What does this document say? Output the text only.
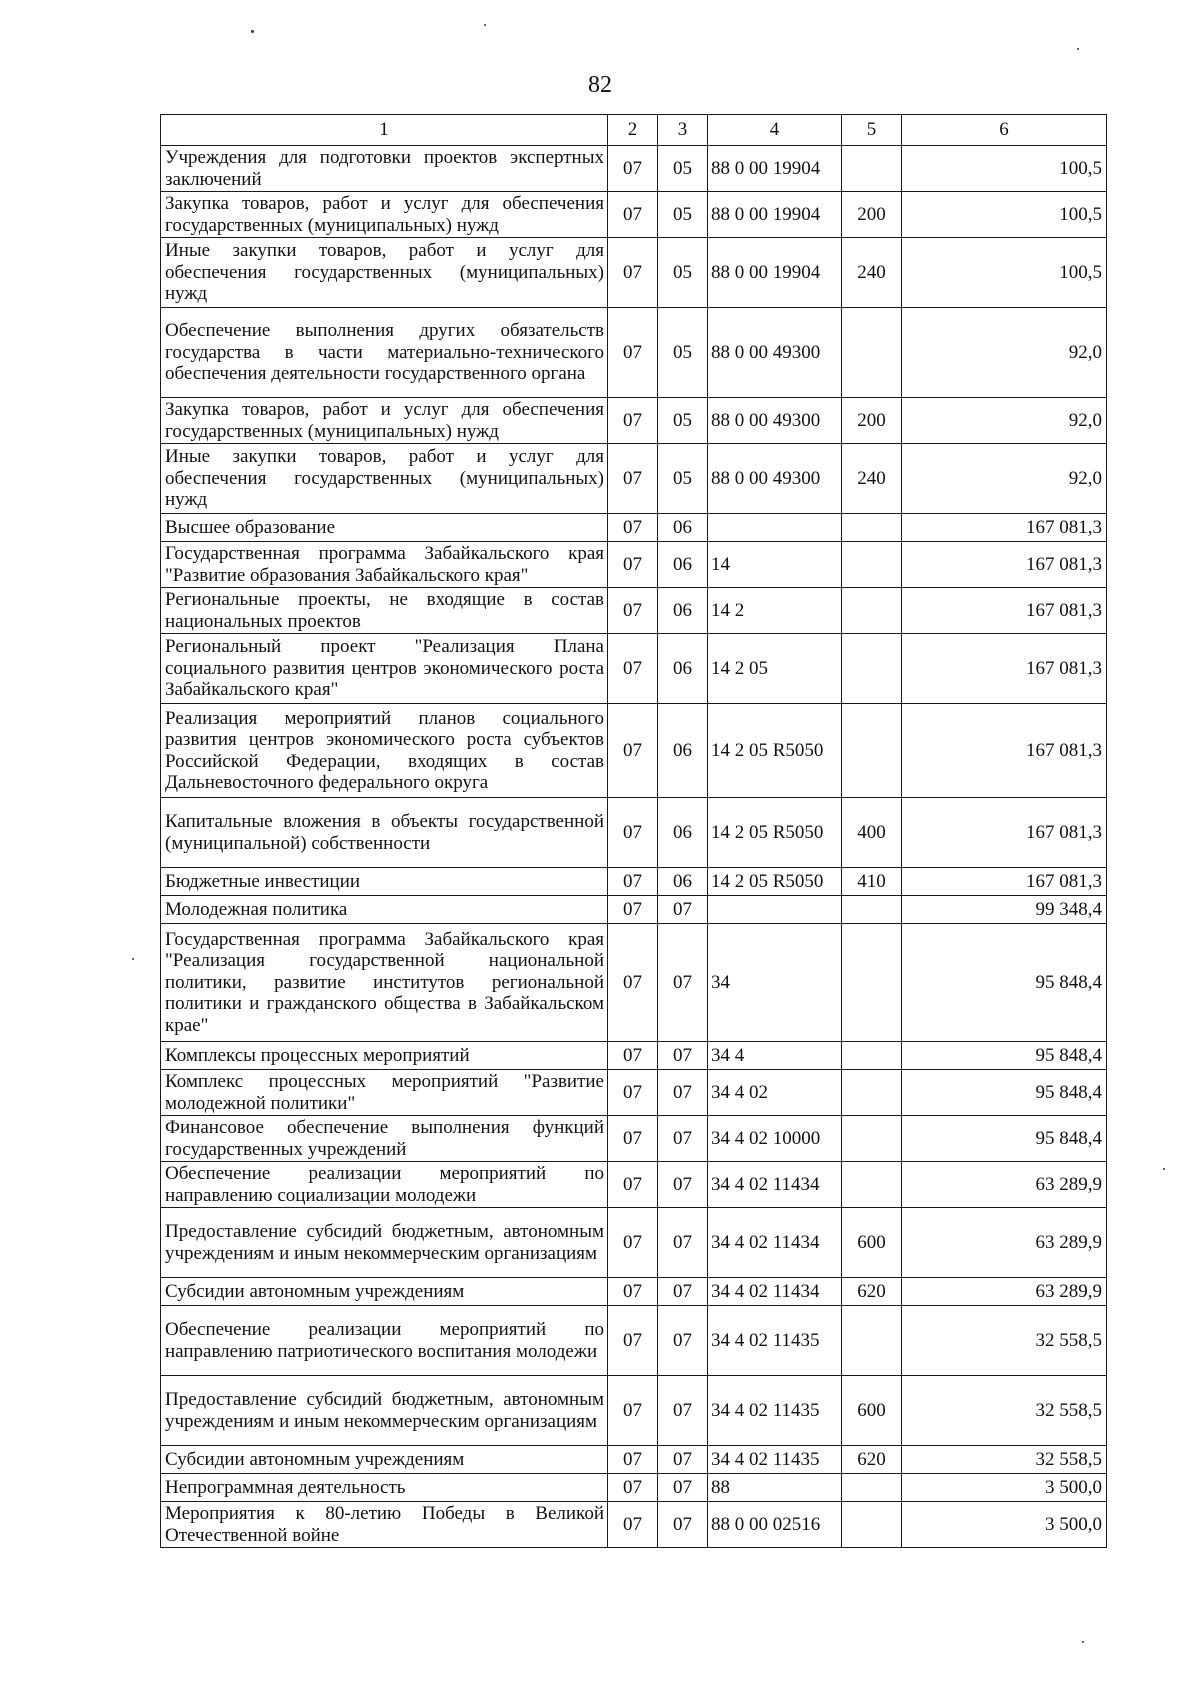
82
1	2	3	4	5	6
Учреждения для подготовки проектов экспертных заключений	07	05	88 0 00 19904		100,5
Закупка товаров, работ и услуг для обеспечения государственных (муниципальных) нужд	07	05	88 0 00 19904	200	100,5
Иные закупки товаров, работ и услуг для обеспечения государственных (муниципальных) нужд	07	05	88 0 00 19904	240	100,5
Обеспечение выполнения других обязательств государства в части материально-технического обеспечения деятельности государственного органа	07	05	88 0 00 49300		92,0
Закупка товаров, работ и услуг для обеспечения государственных (муниципальных) нужд	07	05	88 0 00 49300	200	92,0
Иные закупки товаров, работ и услуг для обеспечения государственных (муниципальных) нужд	07	05	88 0 00 49300	240	92,0
Высшее образование	07	06			167 081,3
Государственная программа Забайкальского края "Развитие образования Забайкальского края"	07	06	14		167 081,3
Региональные проекты, не входящие в состав национальных проектов	07	06	14 2		167 081,3
Региональный проект "Реализация Плана социального развития центров экономического роста Забайкальского края"	07	06	14 2 05		167 081,3
Реализация мероприятий планов социального развития центров экономического роста субъектов Российской Федерации, входящих в состав Дальневосточного федерального округа	07	06	14 2 05 R5050		167 081,3
Капитальные вложения в объекты государственной (муниципальной) собственности	07	06	14 2 05 R5050	400	167 081,3
Бюджетные инвестиции	07	06	14 2 05 R5050	410	167 081,3
Молодежная политика	07	07			99 348,4
Государственная программа Забайкальского края "Реализация государственной национальной политики, развитие институтов региональной политики и гражданского общества в Забайкальском крае"	07	07	34		95 848,4
Комплексы процессных мероприятий	07	07	34 4		95 848,4
Комплекс процессных мероприятий "Развитие молодежной политики"	07	07	34 4 02		95 848,4
Финансовое обеспечение выполнения функций государственных учреждений	07	07	34 4 02 10000		95 848,4
Обеспечение реализации мероприятий по направлению социализации молодежи	07	07	34 4 02 11434		63 289,9
Предоставление субсидий бюджетным, автономным учреждениям и иным некоммерческим организациям	07	07	34 4 02 11434	600	63 289,9
Субсидии автономным учреждениям	07	07	34 4 02 11434	620	63 289,9
Обеспечение реализации мероприятий по направлению патриотического воспитания молодежи	07	07	34 4 02 11435		32 558,5
Предоставление субсидий бюджетным, автономным учреждениям и иным некоммерческим организациям	07	07	34 4 02 11435	600	32 558,5
Субсидии автономным учреждениям	07	07	34 4 02 11435	620	32 558,5
Непрограммная деятельность	07	07	88		3 500,0
Мероприятия к 80-летию Победы в Великой Отечественной войне	07	07	88 0 00 02516		3 500,0
